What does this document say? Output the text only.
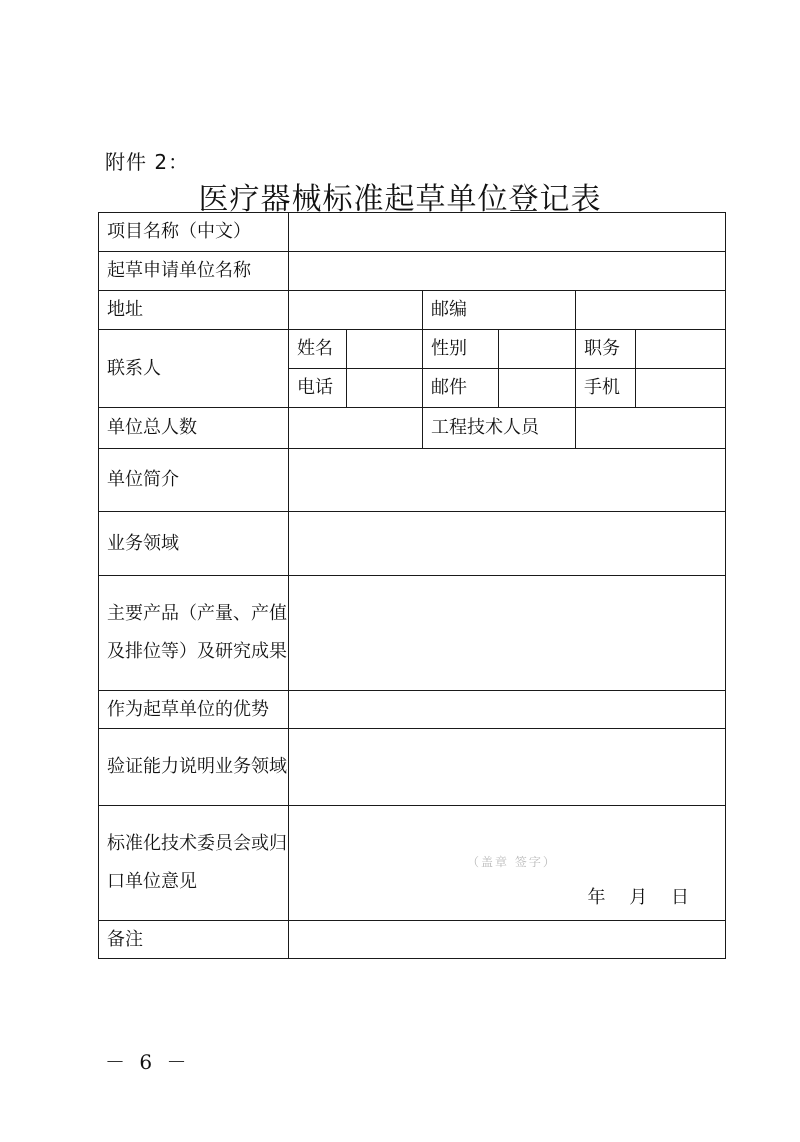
附件 2：
医疗器械标准起草单位登记表
项目名称（中文）						
起草申请单位名称						
地址			邮编			
联系人	姓名		性别		职务	
	电话		邮件		手机	
单位总人数			工程技术人员			
单位简介						
业务领域						
主要产品（产量、产值及排位等）及研究成果						
作为起草单位的优势						
验证能力说明业务领域						
标准化技术委员会或归口单位意见	（盖章 签字）
年 月 日					

备注						
－ 6 －
